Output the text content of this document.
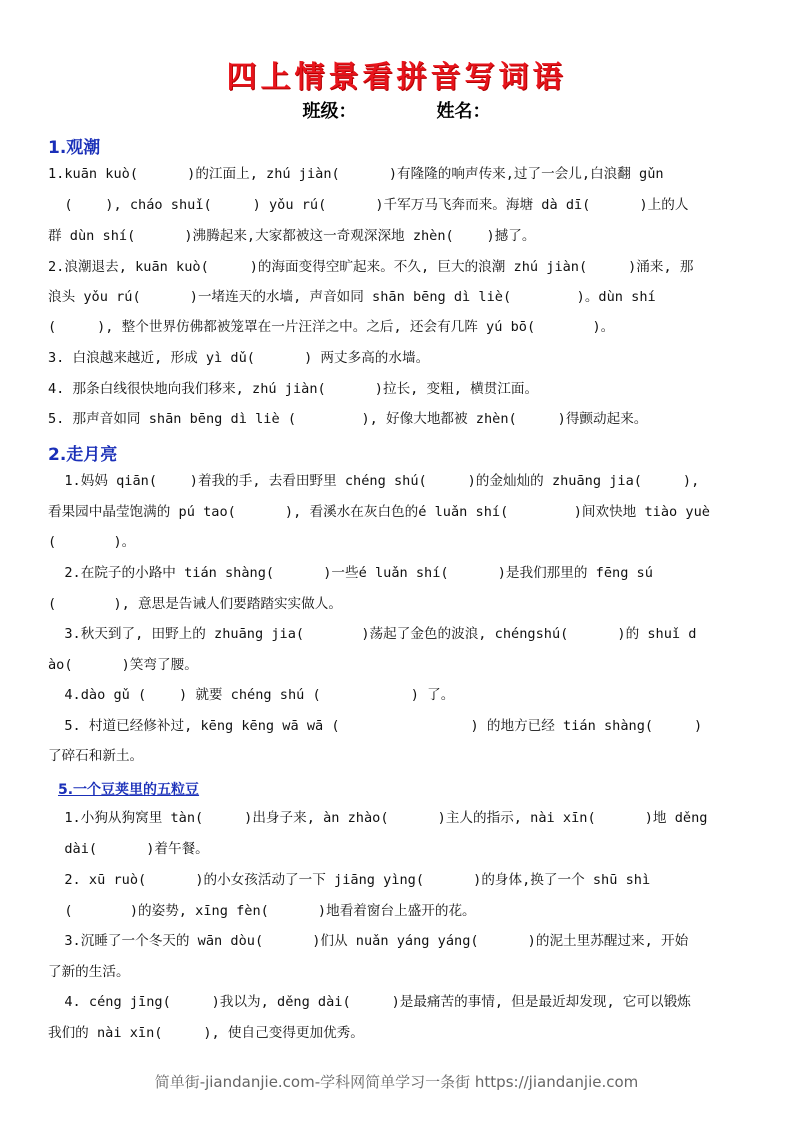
四上情景看拼音写词语
班级：	姓名：
1.观潮
1.kuān kuò(      )的江面上, zhú jiàn(      )有隆隆的响声传来,过了一会儿,白浪翻 gǔn
(    ), cháo shuǐ(     ) yǒu rú(      )千军万马飞奔而来。海塘 dà dī(      )上的人
群 dùn shí(      )沸腾起来,大家都被这一奇观深深地 zhèn(    )撼了。
2.浪潮退去, kuān kuò(     )的海面变得空旷起来。不久, 巨大的浪潮 zhú jiàn(     )涌来, 那
浪头 yǒu rú(      )一堵连天的水墙, 声音如同 shān bēng dì liè(        )。dùn shí
(     ), 整个世界仿佛都被笼罩在一片汪洋之中。之后, 还会有几阵 yú bō(       )。
3. 白浪越来越近, 形成 yì dǔ(      ) 两丈多高的水墙。
4. 那条白线很快地向我们移来, zhú jiàn(      )拉长, 变粗, 横贯江面。
5. 那声音如同 shān bēng dì liè (        ), 好像大地都被 zhèn(     )得颤动起来。
2.走月亮
1.妈妈 qiān(    )着我的手, 去看田野里 chéng shú(     )的金灿灿的 zhuāng jia(     ),
看果园中晶莹饱满的 pú tao(      ), 看溪水在灰白色的é luǎn shí(        )间欢快地 tiào yuè
(       )。
2.在院子的小路中 tián shàng(      )一些é luǎn shí(      )是我们那里的 fēng sú
(       ), 意思是告诫人们要踏踏实实做人。
3.秋天到了, 田野上的 zhuāng jia(       )荡起了金色的波浪, chéngshú(      )的 shuǐ d
ào(      )笑弯了腰。
4.dào gǔ (    ) 就要 chéng shú (           ) 了。
5. 村道已经修补过, kēng kēng wā wā (                ) 的地方已经 tián shàng(     )
了碎石和新土。
5.一个豆荚里的五粒豆
1.小狗从狗窝里 tàn(     )出身子来, àn zhào(      )主人的指示, nài xīn(      )地 děng
dài(      )着午餐。
2. xū ruò(      )的小女孩活动了一下 jiāng yìng(      )的身体,换了一个 shū shì
(       )的姿势, xīng fèn(      )地看着窗台上盛开的花。
3.沉睡了一个冬天的 wān dòu(      )们从 nuǎn yáng yáng(      )的泥土里苏醒过来, 开始
了新的生活。
4. céng jīng(     )我以为, děng dài(     )是最痛苦的事情, 但是最近却发现, 它可以锻炼
我们的 nài xīn(     ), 使自己变得更加优秀。
简单街-jiandanjie.com-学科网简单学习一条街 https://jiandanjie.com
